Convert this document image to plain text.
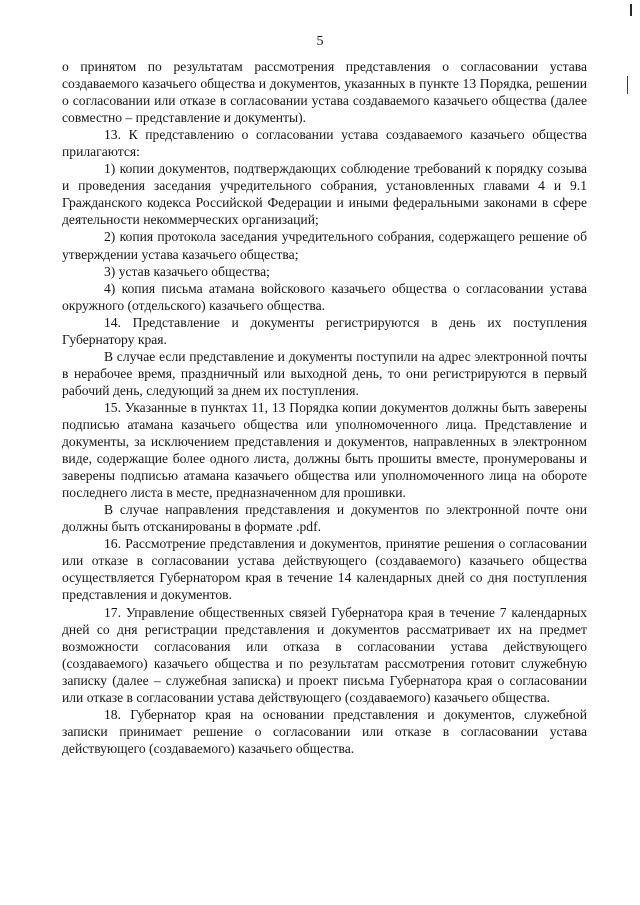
5

о принятом по результатам рассмотрения представления о согласовании устава создаваемого казачьего общества и документов, указанных в пункте 13 Порядка, решении о согласовании или отказе в согласовании устава создаваемого казачьего общества (далее совместно – представление и документы).

13. К представлению о согласовании устава создаваемого казачьего общества прилагаются:

1) копии документов, подтверждающих соблюдение требований к порядку созыва и проведения заседания учредительного собрания, установленных главами 4 и 9.1 Гражданского кодекса Российской Федерации и иными федеральными законами в сфере деятельности некоммерческих организаций;

2) копия протокола заседания учредительного собрания, содержащего решение об утверждении устава казачьего общества;

3) устав казачьего общества;

4) копия письма атамана войскового казачьего общества о согласовании устава окружного (отдельского) казачьего общества.

14. Представление и документы регистрируются в день их поступления Губернатору края.

В случае если представление и документы поступили на адрес электронной почты в нерабочее время, праздничный или выходной день, то они регистрируются в первый рабочий день, следующий за днем их поступления.

15. Указанные в пунктах 11, 13 Порядка копии документов должны быть заверены подписью атамана казачьего общества или уполномоченного лица. Представление и документы, за исключением представления и документов, направленных в электронном виде, содержащие более одного листа, должны быть прошиты вместе, пронумерованы и заверены подписью атамана казачьего общества или уполномоченного лица на обороте последнего листа в месте, предназначенном для прошивки.

В случае направления представления и документов по электронной почте они должны быть отсканированы в формате .pdf.

16. Рассмотрение представления и документов, принятие решения о согласовании или отказе в согласовании устава действующего (создаваемого) казачьего общества осуществляется Губернатором края в течение 14 календарных дней со дня поступления представления и документов.

17. Управление общественных связей Губернатора края в течение 7 календарных дней со дня регистрации представления и документов рассматривает их на предмет возможности согласования или отказа в согласовании устава действующего (создаваемого) казачьего общества и по результатам рассмотрения готовит служебную записку (далее – служебная записка) и проект письма Губернатора края о согласовании или отказе в согласовании устава действующего (создаваемого) казачьего общества.

18. Губернатор края на основании представления и документов, служебной записки принимает решение о согласовании или отказе в согласовании устава действующего (создаваемого) казачьего общества.
